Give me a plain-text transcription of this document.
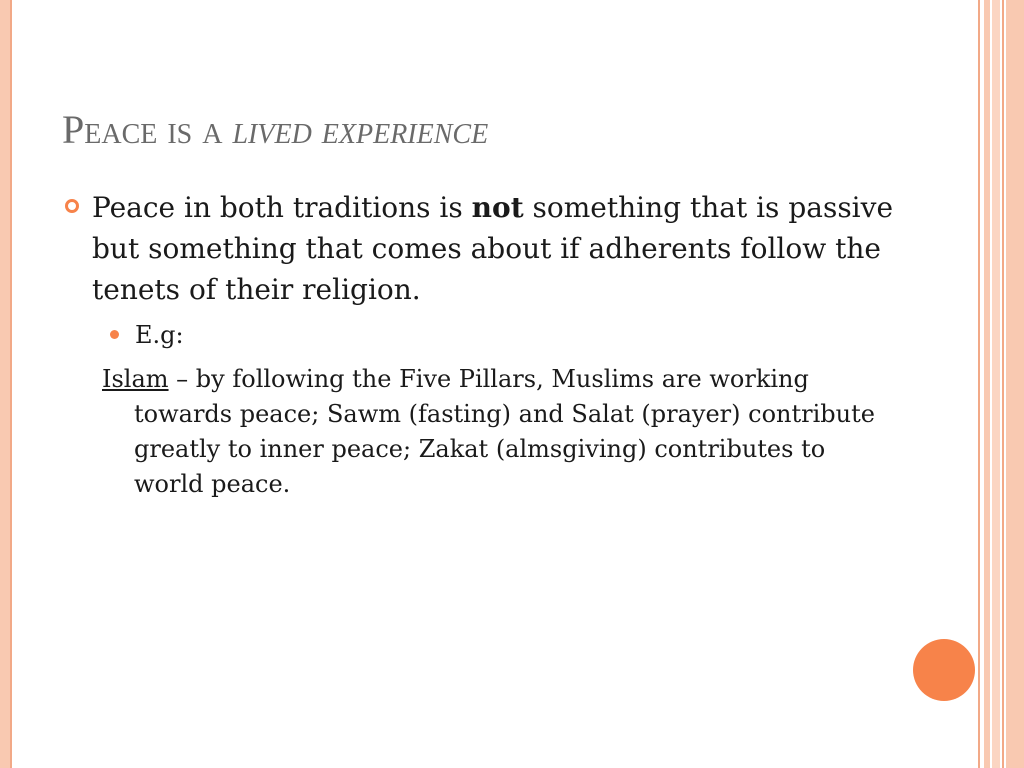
Peace is a lived experience
Peace in both traditions is not something that is passive but something that comes about if adherents follow the tenets of their religion.
E.g:
Islam – by following the Five Pillars, Muslims are working towards peace; Sawm (fasting) and Salat (prayer) contribute greatly to inner peace; Zakat (almsgiving) contributes to world peace.
